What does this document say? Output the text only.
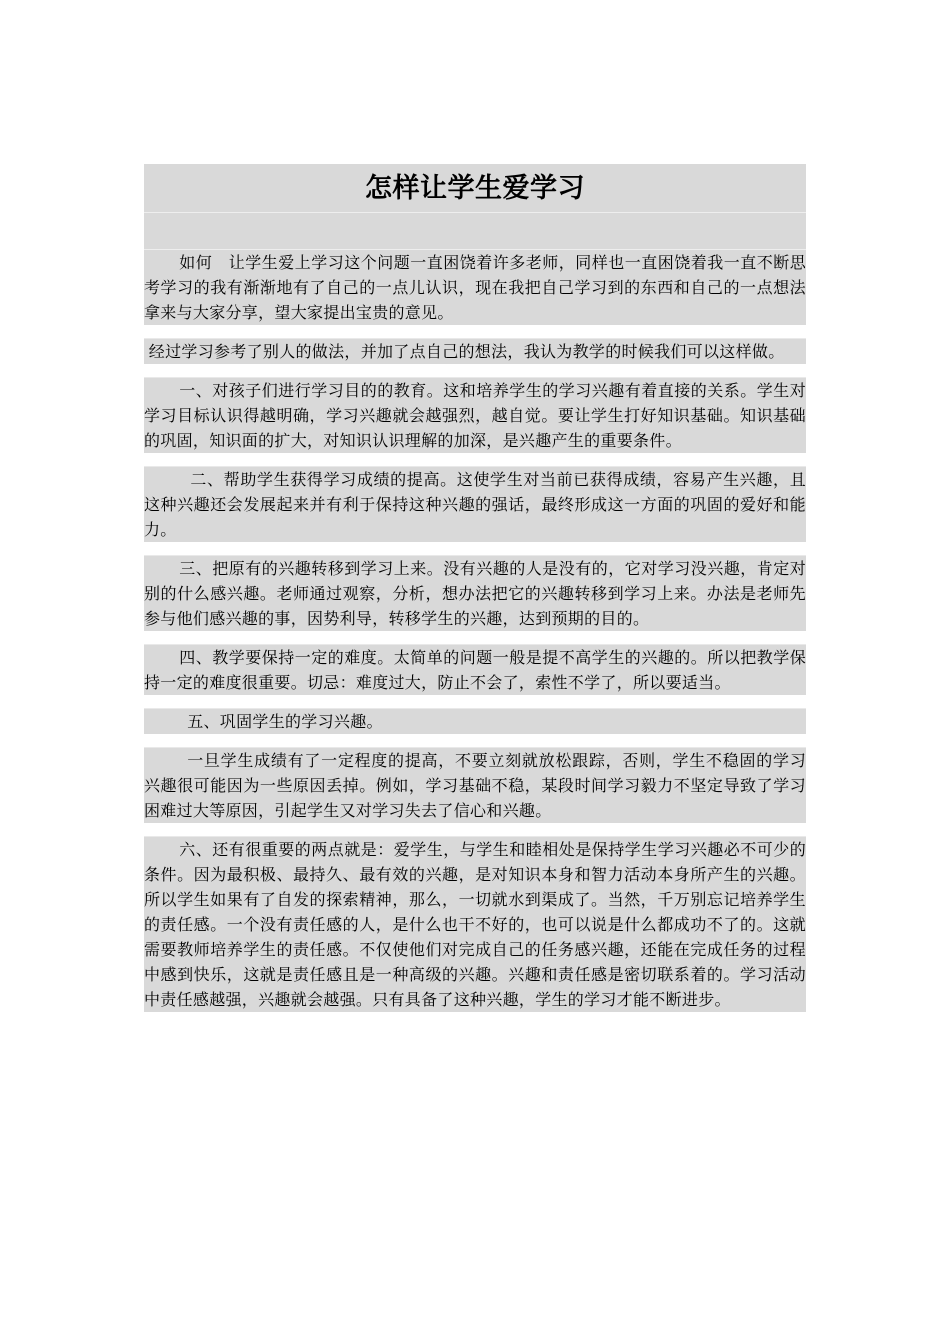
怎样让学生爱学习

如何　让学生爱上学习这个问题一直困饶着许多老师，同样也一直困饶着我一直不断思考学习的我有渐渐地有了自己的一点儿认识，现在我把自己学习到的东西和自己的一点想法拿来与大家分享，望大家提出宝贵的意见。

经过学习参考了别人的做法，并加了点自己的想法，我认为教学的时候我们可以这样做。

一、对孩子们进行学习目的的教育。这和培养学生的学习兴趣有着直接的关系。学生对学习目标认识得越明确，学习兴趣就会越强烈，越自觉。要让学生打好知识基础。知识基础的巩固，知识面的扩大，对知识认识理解的加深，是兴趣产生的重要条件。

二、帮助学生获得学习成绩的提高。这使学生对当前已获得成绩，容易产生兴趣，且这种兴趣还会发展起来并有利于保持这种兴趣的强话，最终形成这一方面的巩固的爱好和能力。

三、把原有的兴趣转移到学习上来。没有兴趣的人是没有的，它对学习没兴趣，肯定对别的什么感兴趣。老师通过观察，分析，想办法把它的兴趣转移到学习上来。办法是老师先参与他们感兴趣的事，因势利导，转移学生的兴趣，达到预期的目的。

四、教学要保持一定的难度。太简单的问题一般是提不高学生的兴趣的。所以把教学保持一定的难度很重要。切忌：难度过大，防止不会了，索性不学了，所以要适当。

五、巩固学生的学习兴趣。

一旦学生成绩有了一定程度的提高，不要立刻就放松跟踪，否则，学生不稳固的学习兴趣很可能因为一些原因丢掉。例如，学习基础不稳，某段时间学习毅力不坚定导致了学习困难过大等原因，引起学生又对学习失去了信心和兴趣。

六、还有很重要的两点就是：爱学生，与学生和睦相处是保持学生学习兴趣必不可少的条件。因为最积极、最持久、最有效的兴趣，是对知识本身和智力活动本身所产生的兴趣。所以学生如果有了自发的探索精神，那么，一切就水到渠成了。当然，千万别忘记培养学生的责任感。一个没有责任感的人，是什么也干不好的，也可以说是什么都成功不了的。这就需要教师培养学生的责任感。不仅使他们对完成自己的任务感兴趣，还能在完成任务的过程中感到快乐，这就是责任感且是一种高级的兴趣。兴趣和责任感是密切联系着的。学习活动中责任感越强，兴趣就会越强。只有具备了这种兴趣，学生的学习才能不断进步。
